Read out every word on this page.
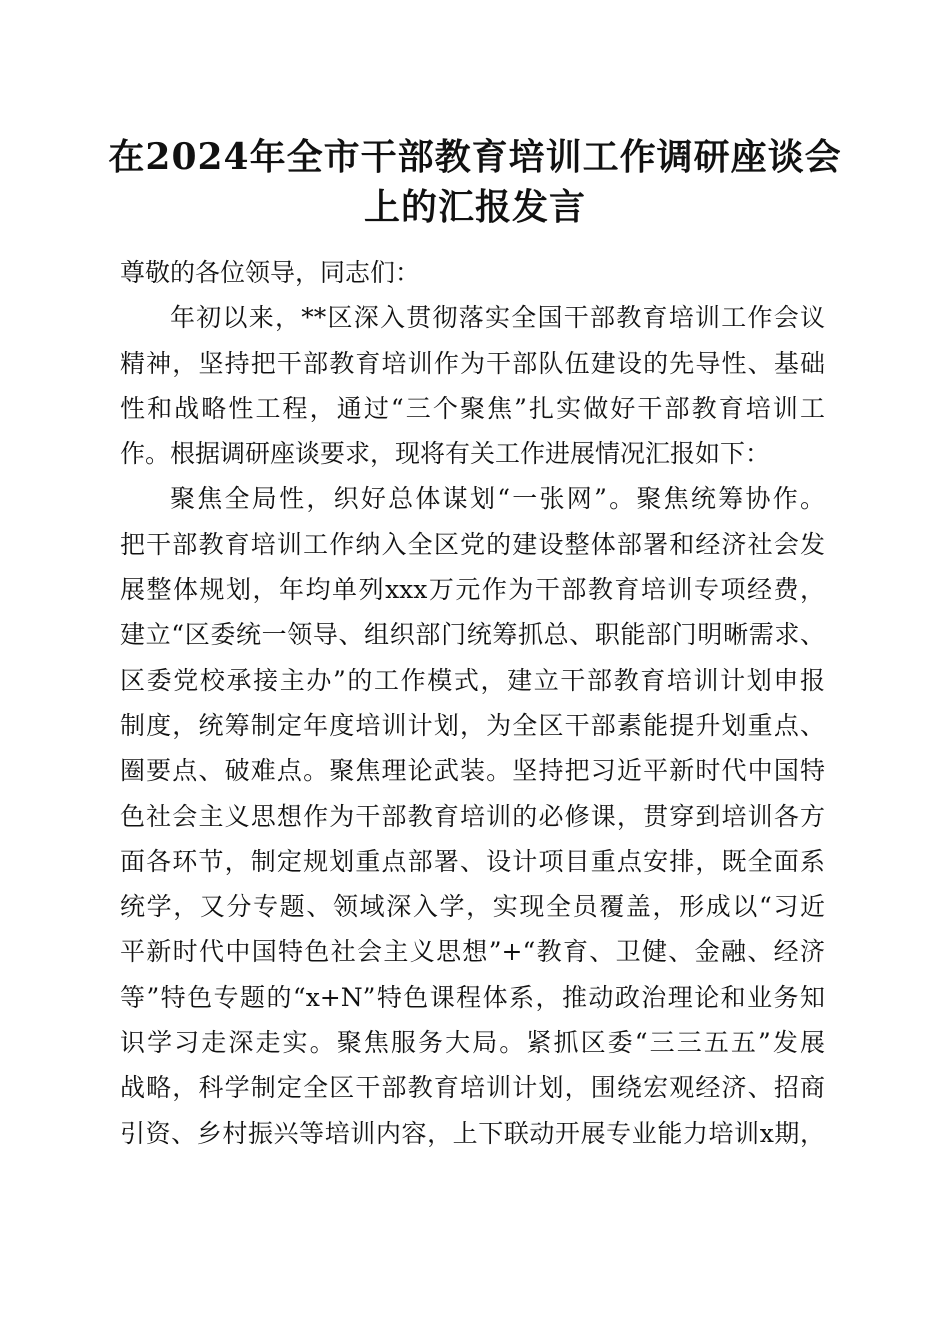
在2024年全市干部教育培训工作调研座谈会
上的汇报发言
尊敬的各位领导，同志们：
年初以来，**区深入贯彻落实全国干部教育培训工作会议
精神，坚持把干部教育培训作为干部队伍建设的先导性、基础
性和战略性工程，通过“三个聚焦”扎实做好干部教育培训工
作。根据调研座谈要求，现将有关工作进展情况汇报如下：
聚焦全局性，织好总体谋划“一张网”。聚焦统筹协作。
把干部教育培训工作纳入全区党的建设整体部署和经济社会发
展整体规划，年均单列xxx万元作为干部教育培训专项经费，
建立“区委统一领导、组织部门统筹抓总、职能部门明晰需求、
区委党校承接主办”的工作模式，建立干部教育培训计划申报
制度，统筹制定年度培训计划，为全区干部素能提升划重点、
圈要点、破难点。聚焦理论武装。坚持把习近平新时代中国特
色社会主义思想作为干部教育培训的必修课，贯穿到培训各方
面各环节，制定规划重点部署、设计项目重点安排，既全面系
统学，又分专题、领域深入学，实现全员覆盖，形成以“习近
平新时代中国特色社会主义思想”+“教育、卫健、金融、经济
等”特色专题的“x+N”特色课程体系，推动政治理论和业务知
识学习走深走实。聚焦服务大局。紧抓区委“三三五五”发展
战略，科学制定全区干部教育培训计划，围绕宏观经济、招商
引资、乡村振兴等培训内容，上下联动开展专业能力培训x期，
